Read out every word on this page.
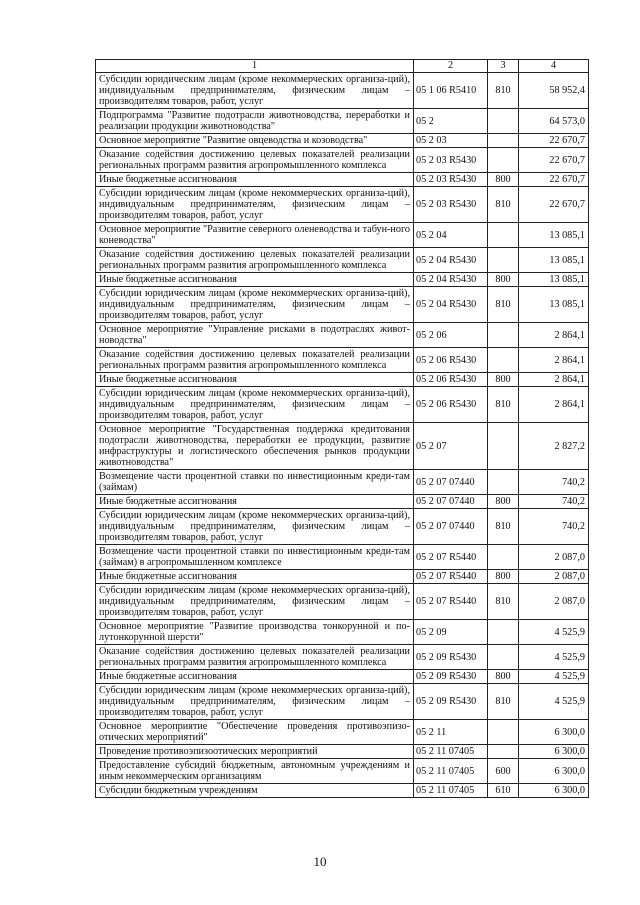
1	2	3	4
Субсидии юридическим лицам (кроме некоммерческих организа-ций), индивидуальным предпринимателям, физическим лицам – производителям товаров, работ, услуг	05 1 06 R5410	810	58 952,4
Подпрограмма "Развитие подотрасли животноводства, переработки и реализации продукции животноводства"	05 2		64 573,0
Основное мероприятие "Развитие овцеводства и козоводства"	05 2 03		22 670,7
Оказание содействия достижению целевых показателей реализации региональных программ развития агропромышленного комплекса	05 2 03 R5430		22 670,7
Иные бюджетные ассигнования	05 2 03 R5430	800	22 670,7
Субсидии юридическим лицам (кроме некоммерческих организа-ций), индивидуальным предпринимателям, физическим лицам – производителям товаров, работ, услуг	05 2 03 R5430	810	22 670,7
Основное мероприятие "Развитие северного оленеводства и табун-ного коневодства"	05 2 04		13 085,1
Оказание содействия достижению целевых показателей реализации региональных программ развития агропромышленного комплекса	05 2 04 R5430		13 085,1
Иные бюджетные ассигнования	05 2 04 R5430	800	13 085,1
Субсидии юридическим лицам (кроме некоммерческих организа-ций), индивидуальным предпринимателям, физическим лицам – производителям товаров, работ, услуг	05 2 04 R5430	810	13 085,1
Основное мероприятие "Управление рисками в подотраслях живот-новодства"	05 2 06		2 864,1
Оказание содействия достижению целевых показателей реализации региональных программ развития агропромышленного комплекса	05 2 06 R5430		2 864,1
Иные бюджетные ассигнования	05 2 06 R5430	800	2 864,1
Субсидии юридическим лицам (кроме некоммерческих организа-ций), индивидуальным предпринимателям, физическим лицам – производителям товаров, работ, услуг	05 2 06 R5430	810	2 864,1
Основное мероприятие "Государственная поддержка кредитования подотрасли животноводства, переработки ее продукции, развитие инфраструктуры и логистического обеспечения рынков продукции животноводства"	05 2 07		2 827,2
Возмещение части процентной ставки по инвестиционным креди-там (займам)	05 2 07 07440		740,2
Иные бюджетные ассигнования	05 2 07 07440	800	740,2
Субсидии юридическим лицам (кроме некоммерческих организа-ций), индивидуальным предпринимателям, физическим лицам – производителям товаров, работ, услуг	05 2 07 07440	810	740,2
Возмещение части процентной ставки по инвестиционным креди-там (займам) в агропромышленном комплексе	05 2 07 R5440		2 087,0
Иные бюджетные ассигнования	05 2 07 R5440	800	2 087,0
Субсидии юридическим лицам (кроме некоммерческих организа-ций), индивидуальным предпринимателям, физическим лицам – производителям товаров, работ, услуг	05 2 07 R5440	810	2 087,0
Основное мероприятие "Развитие производства тонкорунной и по-лутонкорунной шерсти"	05 2 09		4 525,9
Оказание содействия достижению целевых показателей реализации региональных программ развития агропромышленного комплекса	05 2 09 R5430		4 525,9
Иные бюджетные ассигнования	05 2 09 R5430	800	4 525,9
Субсидии юридическим лицам (кроме некоммерческих организа-ций), индивидуальным предпринимателям, физическим лицам – производителям товаров, работ, услуг	05 2 09 R5430	810	4 525,9
Основное мероприятие "Обеспечение проведения противоэпизо-отических мероприятий"	05 2 11		6 300,0
Проведение противоэпизоотических мероприятий	05 2 11 07405		6 300,0
Предоставление субсидий бюджетным, автономным учреждениям и иным некоммерческим организациям	05 2 11 07405	600	6 300,0
Субсидии бюджетным учреждениям	05 2 11 07405	610	6 300,0
10
